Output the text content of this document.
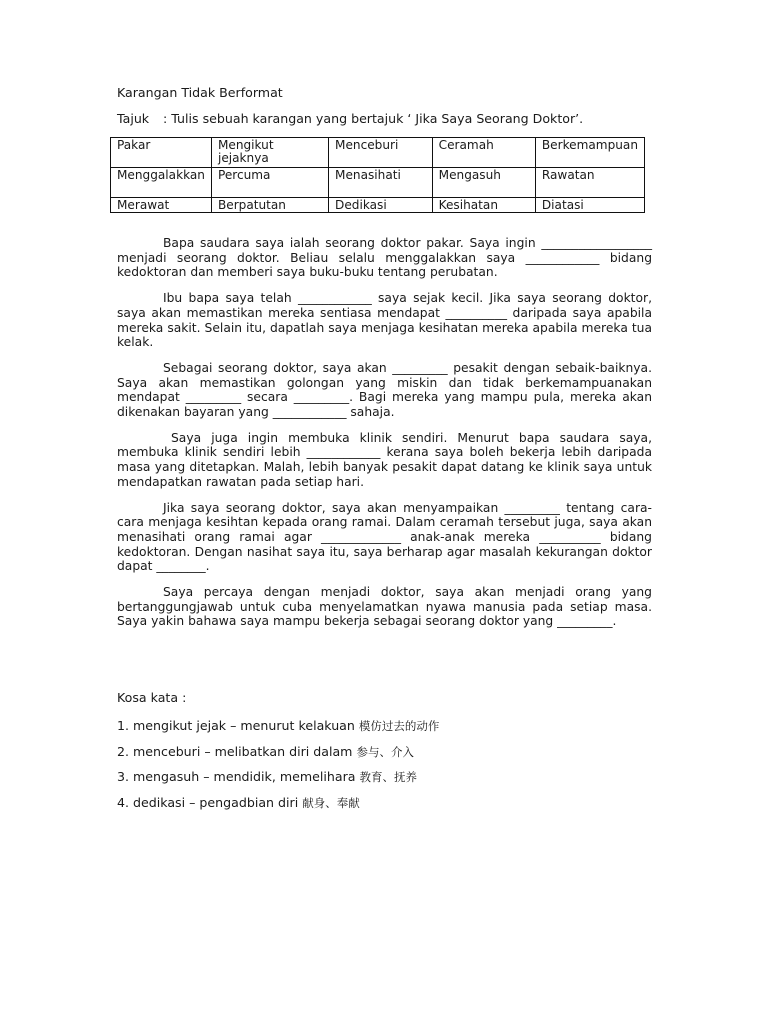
Karangan Tidak Berformat
Tajuk : Tulis sebuah karangan yang bertajuk ‘ Jika Saya Seorang Doktor’.
Pakar	Mengikut jejaknya	Menceburi	Ceramah	Berkemampuan
Menggalakkan	Percuma	Menasihati	Mengasuh	Rawatan
Merawat	Berpatutan	Dedikasi	Kesihatan	Diatasi

Bapa saudara saya ialah seorang doktor pakar. Saya ingin __________________ menjadi seorang doktor. Beliau selalu menggalakkan saya ____________ bidang kedoktoran dan memberi saya buku-buku tentang perubatan.

Ibu bapa saya telah ____________ saya sejak kecil. Jika saya seorang doktor, saya akan memastikan mereka sentiasa mendapat __________ daripada saya apabila mereka sakit. Selain itu, dapatlah saya menjaga kesihatan mereka apabila mereka tua kelak.

Sebagai seorang doktor, saya akan _________ pesakit dengan sebaik-baiknya. Saya akan memastikan golongan yang miskin dan tidak berkemampuanakan mendapat _________ secara _________. Bagi mereka yang mampu pula, mereka akan dikenakan bayaran yang ____________ sahaja.

Saya juga ingin membuka klinik sendiri. Menurut bapa saudara saya, membuka klinik sendiri lebih ____________ kerana saya boleh bekerja lebih daripada masa yang ditetapkan. Malah, lebih banyak pesakit dapat datang ke klinik saya untuk mendapatkan rawatan pada setiap hari.

Jika saya seorang doktor, saya akan menyampaikan _________ tentang cara-cara menjaga kesihtan kepada orang ramai. Dalam ceramah tersebut juga, saya akan menasihati orang ramai agar _____________ anak-anak mereka __________ bidang kedoktoran. Dengan nasihat saya itu, saya berharap agar masalah kekurangan doktor dapat ________.

Saya percaya dengan menjadi doktor, saya akan menjadi orang yang bertanggungjawab untuk cuba menyelamatkan nyawa manusia pada setiap masa. Saya yakin bahawa saya mampu bekerja sebagai seorang doktor yang _________.

Kosa kata :
1. mengikut jejak – menurut kelakuan 模仿过去的动作
2. menceburi – melibatkan diri dalam 参与、介入
3. mengasuh – mendidik, memelihara 教育、抚养
4. dedikasi – pengadbian diri 献身、奉献
